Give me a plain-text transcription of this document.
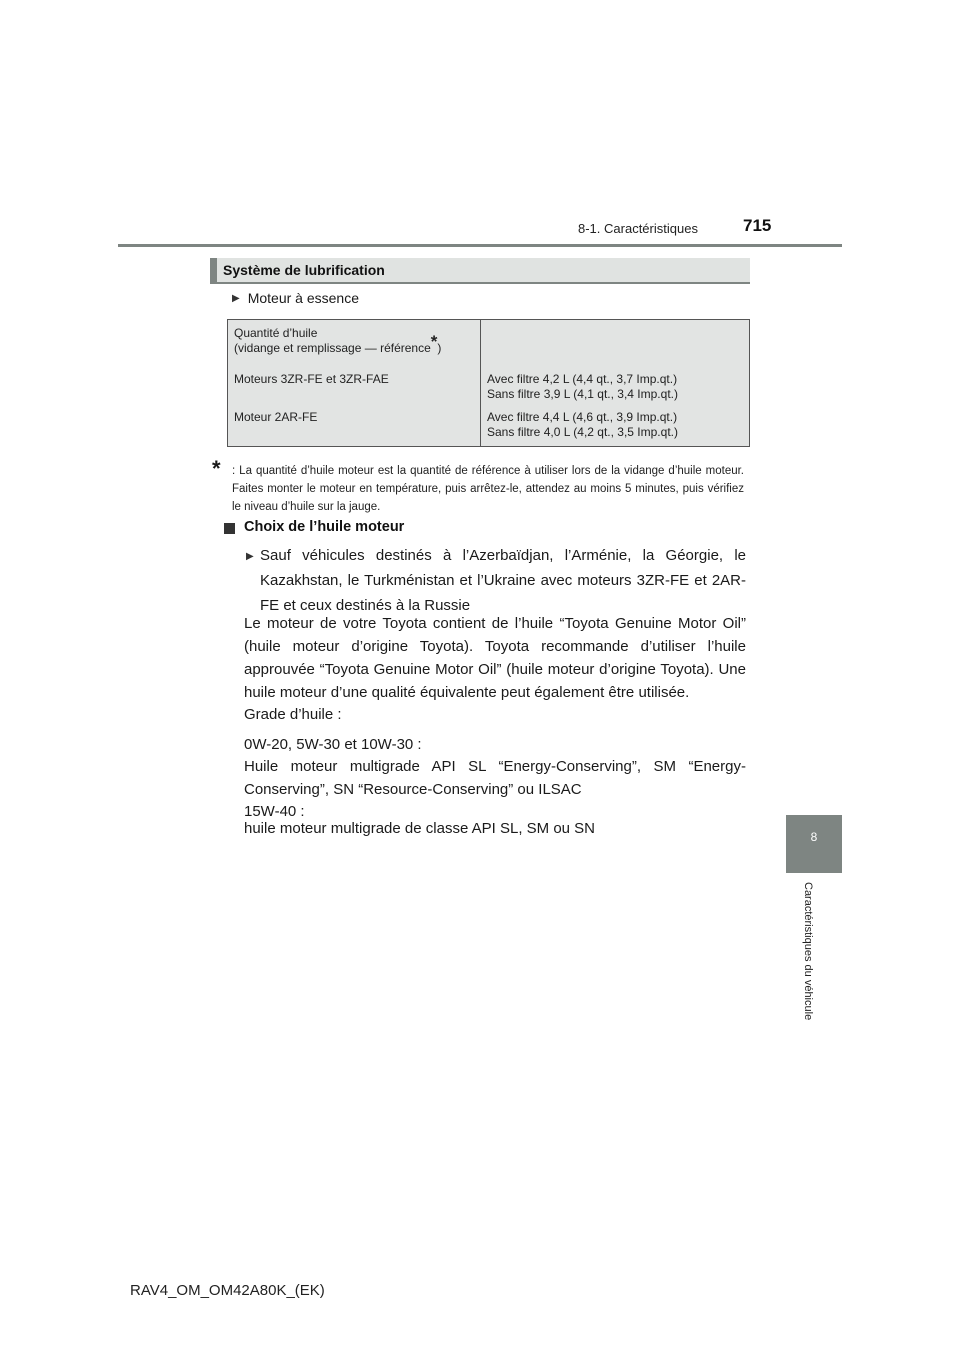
8-1. Caractéristiques	715
8
Caractéristiques du véhicule
Système de lubrification
▶ Moteur à essence
Quantité d’huile
(vidange et remplissage — référence*)	
Moteurs 3ZR-FE et 3ZR-FAE	Avec filtre 4,2 L (4,4 qt., 3,7 Imp.qt.)
Sans filtre 3,9 L (4,1 qt., 3,4 Imp.qt.)
Moteur 2AR-FE	Avec filtre 4,4 L (4,6 qt., 3,9 Imp.qt.)
Sans filtre 4,0 L (4,2 qt., 3,5 Imp.qt.)
* : La quantité d’huile moteur est la quantité de référence à utiliser lors de la vidange d’huile moteur. Faites monter le moteur en température, puis arrêtez-le, attendez au moins 5 minutes, puis vérifiez le niveau d’huile sur la jauge.
Choix de l’huile moteur
▶ Sauf véhicules destinés à l’Azerbaïdjan, l’Arménie, la Géorgie, le Kazakhstan, le Turkménistan et l’Ukraine avec moteurs 3ZR-FE et 2AR-FE et ceux destinés à la Russie
Le moteur de votre Toyota contient de l’huile “Toyota Genuine Motor Oil” (huile moteur d’origine Toyota). Toyota recommande d’utiliser l’huile approuvée “Toyota Genuine Motor Oil” (huile moteur d’origine Toyota). Une huile moteur d’une qualité équivalente peut également être utilisée.
Grade d’huile :
0W-20, 5W-30 et 10W-30 :
Huile moteur multigrade API SL “Energy-Conserving”, SM “Energy-Conserving”, SN “Resource-Conserving” ou ILSAC
15W-40 :
huile moteur multigrade de classe API SL, SM ou SN
RAV4_OM_OM42A80K_(EK)
